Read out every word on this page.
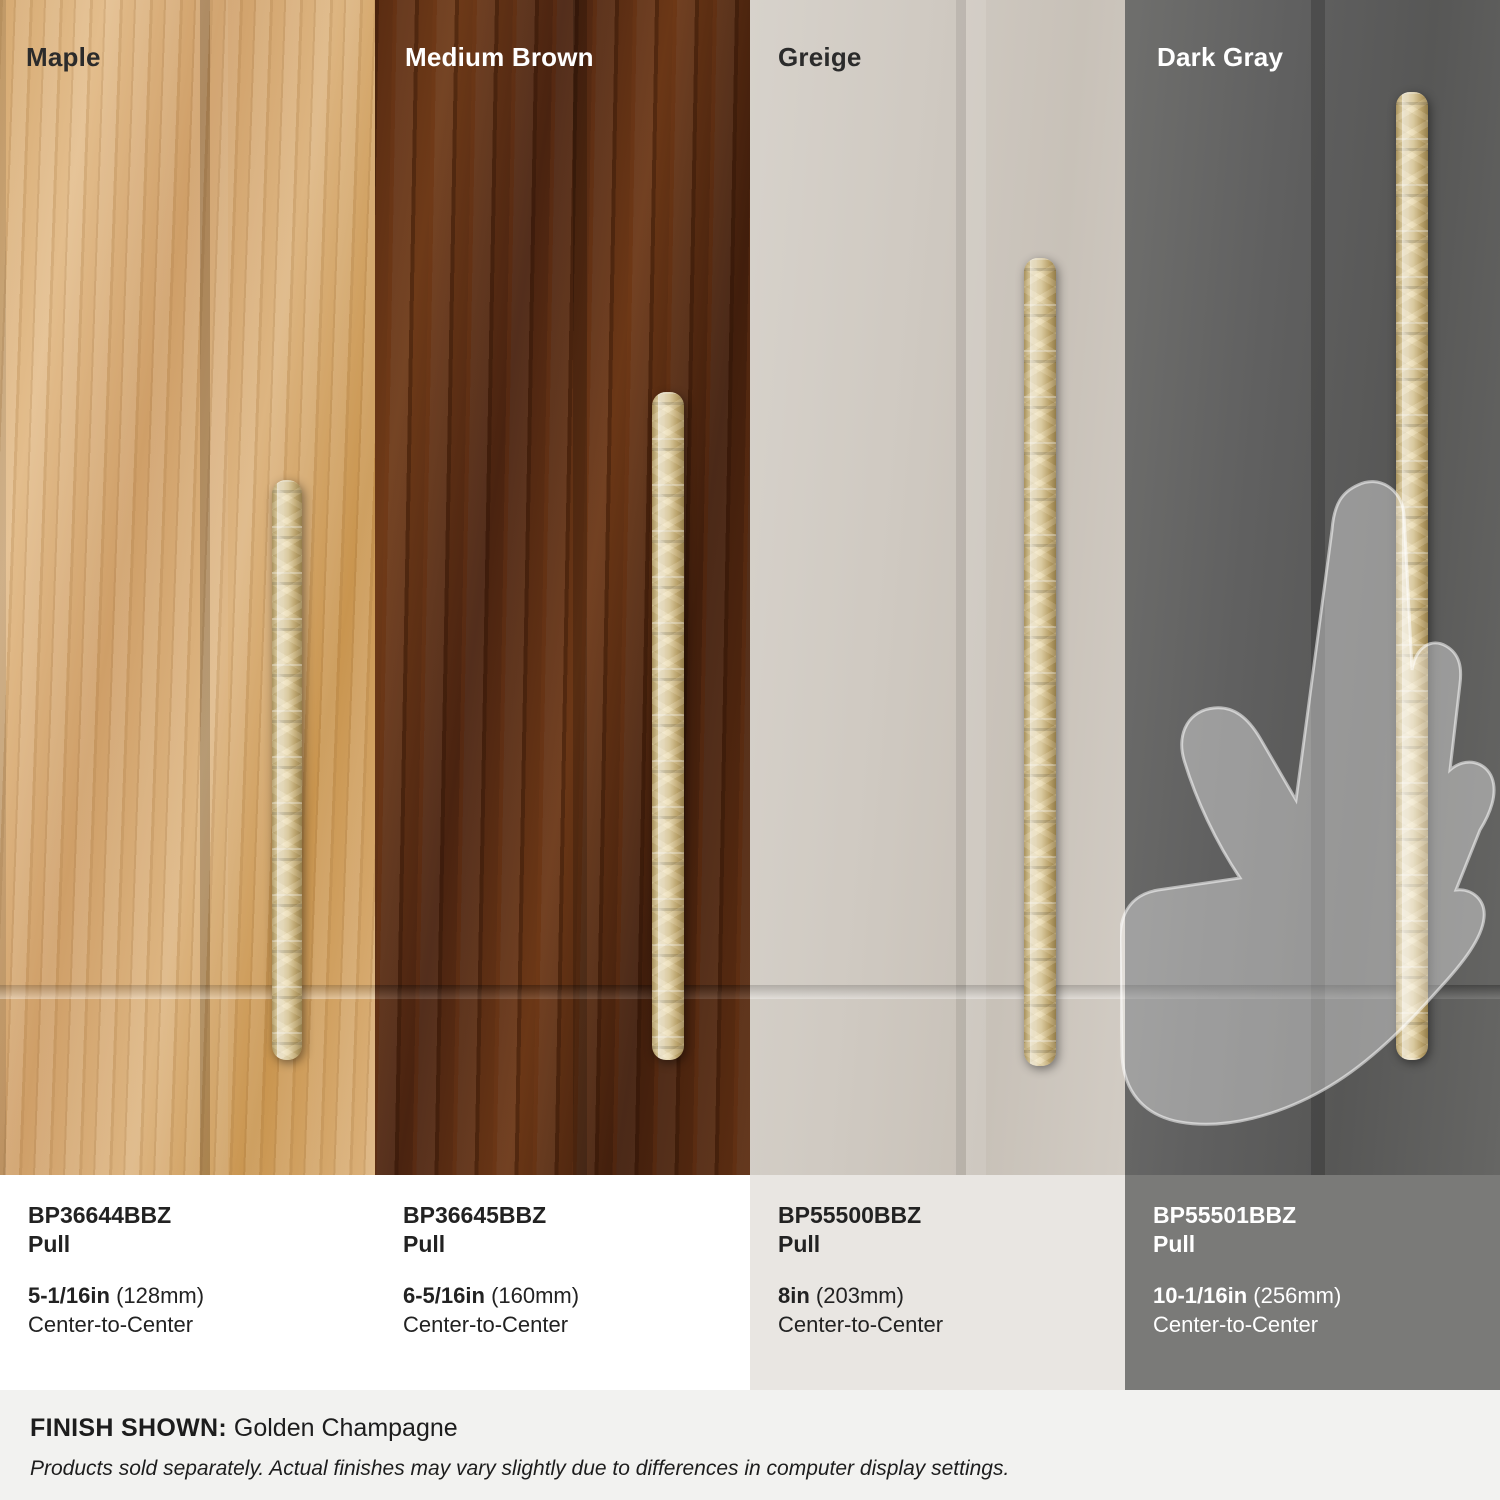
Maple	Medium Brown	Greige	Dark Gray
BP36644BBZ
Pull
5-1/16in (128mm)
Center-to-Center
BP36645BBZ
Pull
6-5/16in (160mm)
Center-to-Center
BP55500BBZ
Pull
8in (203mm)
Center-to-Center
BP55501BBZ
Pull
10-1/16in (256mm)
Center-to-Center
FINISH SHOWN: Golden Champagne
Products sold separately. Actual finishes may vary slightly due to differences in computer display settings.
